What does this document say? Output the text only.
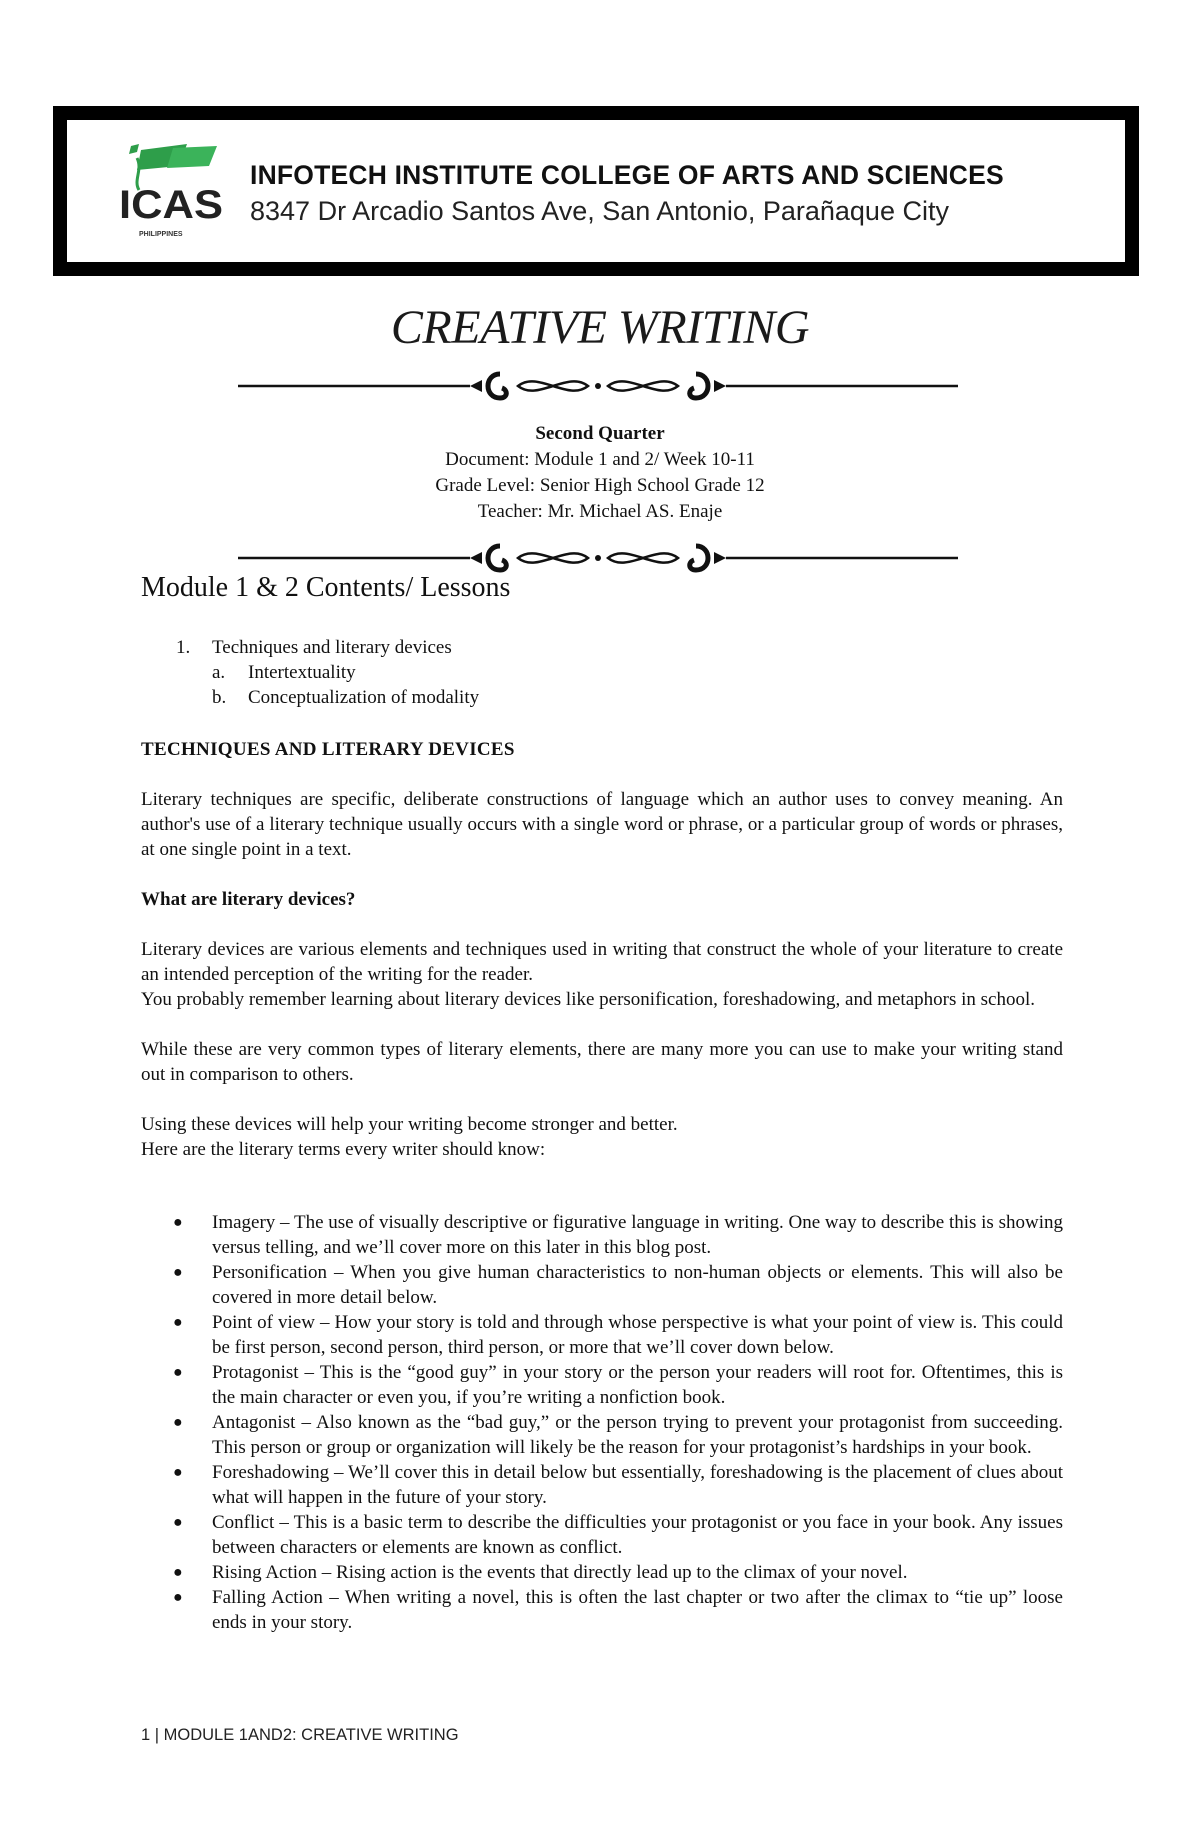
ICAS
PHILIPPINES
INFOTECH INSTITUTE COLLEGE OF ARTS AND SCIENCES
8347 Dr Arcadio Santos Ave, San Antonio, Parañaque City
CREATIVE WRITING
Second Quarter
Document: Module 1 and 2/ Week 10-11
Grade Level: Senior High School Grade 12
Teacher: Mr. Michael AS. Enaje
Module 1 & 2 Contents/ Lessons
1. Techniques and literary devices
a. Intertextuality
b. Conceptualization of modality
TECHNIQUES AND LITERARY DEVICES

Literary techniques are specific, deliberate constructions of language which an author uses to convey meaning. An author's use of a literary technique usually occurs with a single word or phrase, or a particular group of words or phrases, at one single point in a text.

What are literary devices?

Literary devices are various elements and techniques used in writing that construct the whole of your literature to create an intended perception of the writing for the reader.

You probably remember learning about literary devices like personification, foreshadowing, and metaphors in school.

While these are very common types of literary elements, there are many more you can use to make your writing stand out in comparison to others.

Using these devices will help your writing become stronger and better.

Here are the literary terms every writer should know:

● Imagery – The use of visually descriptive or figurative language in writing. One way to describe this is showing versus telling, and we’ll cover more on this later in this blog post.
● Personification – When you give human characteristics to non-human objects or elements. This will also be covered in more detail below.
● Point of view – How your story is told and through whose perspective is what your point of view is. This could be first person, second person, third person, or more that we’ll cover down below.
● Protagonist – This is the “good guy” in your story or the person your readers will root for. Oftentimes, this is the main character or even you, if you’re writing a nonfiction book.
● Antagonist – Also known as the “bad guy,” or the person trying to prevent your protagonist from succeeding. This person or group or organization will likely be the reason for your protagonist’s hardships in your book.
● Foreshadowing – We’ll cover this in detail below but essentially, foreshadowing is the placement of clues about what will happen in the future of your story.
● Conflict – This is a basic term to describe the difficulties your protagonist or you face in your book. Any issues between characters or elements are known as conflict.
● Rising Action – Rising action is the events that directly lead up to the climax of your novel.
● Falling Action – When writing a novel, this is often the last chapter or two after the climax to “tie up” loose ends in your story.
1 | MODULE 1AND2: CREATIVE WRITING
